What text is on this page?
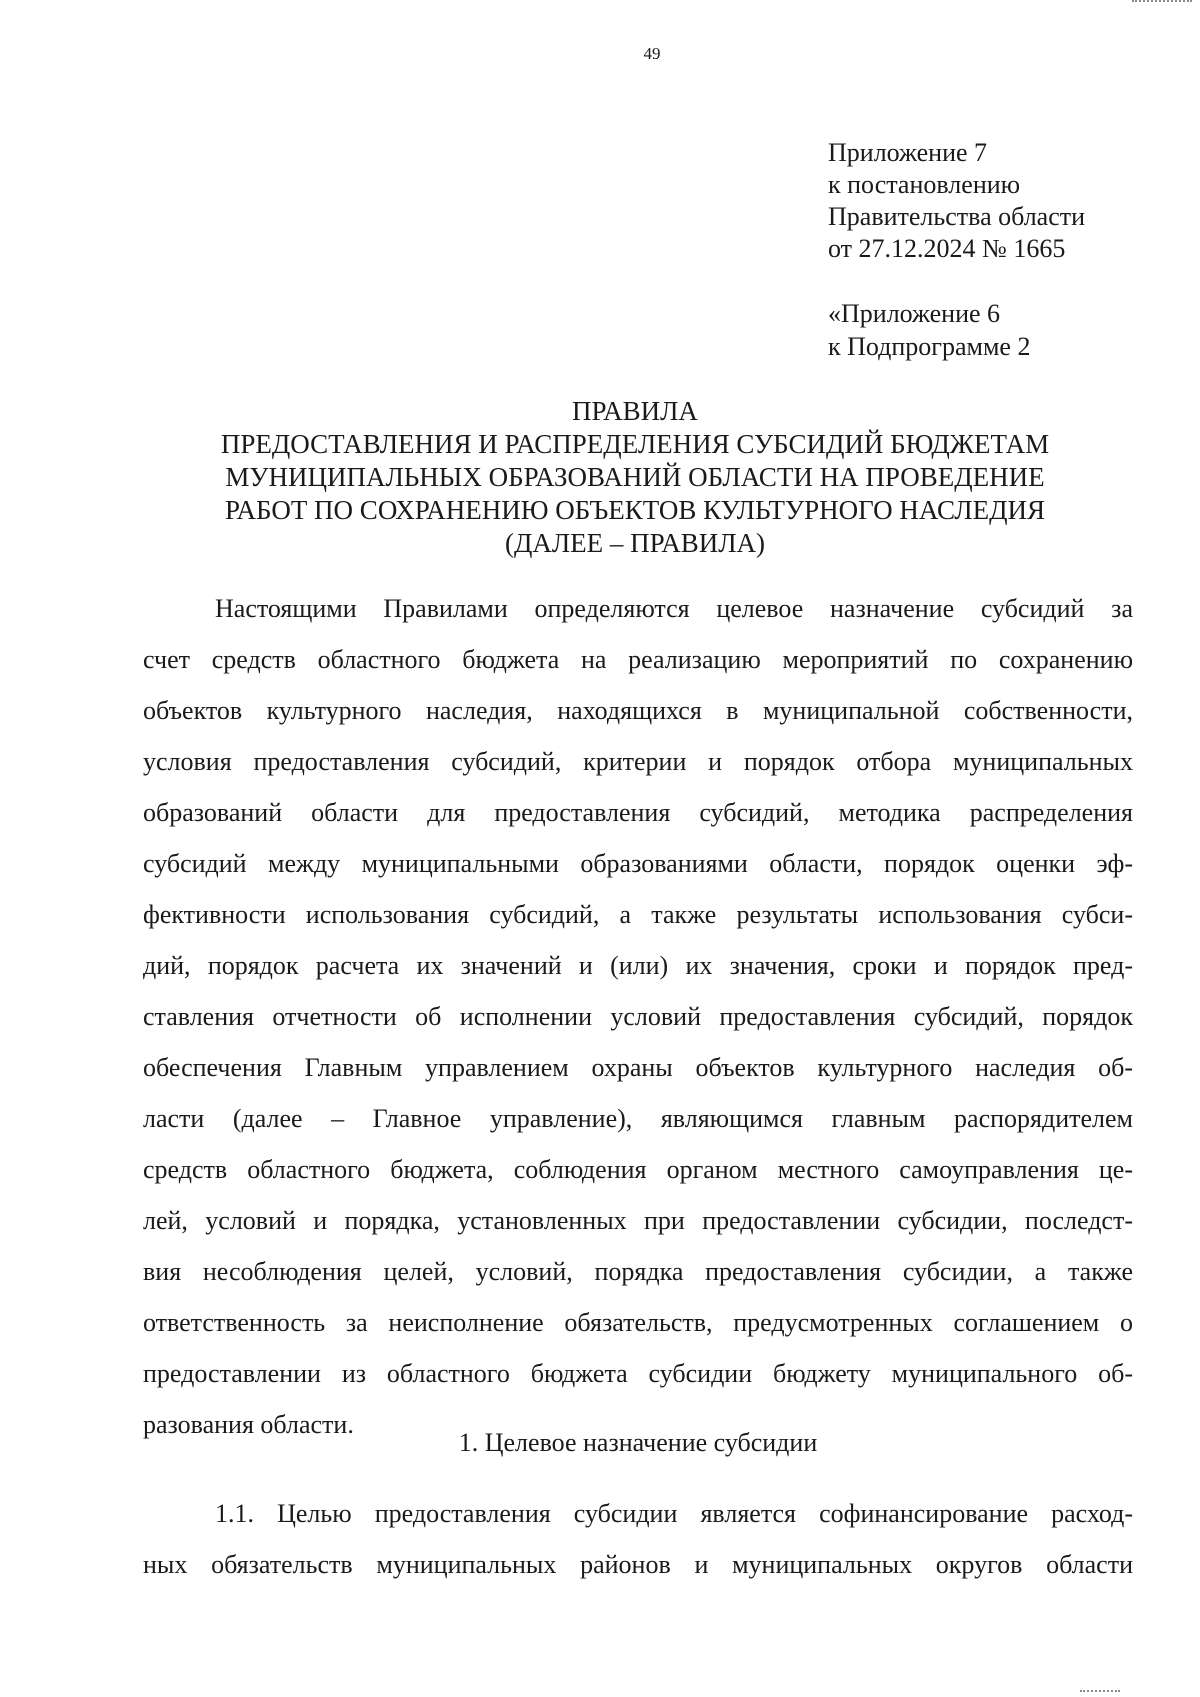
49
Приложение 7
к постановлению
Правительства области
от 27.12.2024 № 1665
«Приложение 6
к Подпрограмме 2
ПРАВИЛА
ПРЕДОСТАВЛЕНИЯ И РАСПРЕДЕЛЕНИЯ СУБСИДИЙ БЮДЖЕТАМ
МУНИЦИПАЛЬНЫХ ОБРАЗОВАНИЙ ОБЛАСТИ НА ПРОВЕДЕНИЕ
РАБОТ ПО СОХРАНЕНИЮ ОБЪЕКТОВ КУЛЬТУРНОГО НАСЛЕДИЯ
(ДАЛЕЕ – ПРАВИЛА)
Настоящими Правилами определяются целевое назначение субсидий за
счет средств областного бюджета на реализацию мероприятий по сохранению
объектов культурного наследия, находящихся в муниципальной собственности,
условия предоставления субсидий, критерии и порядок отбора муниципальных
образований области для предоставления субсидий, методика распределения
субсидий между муниципальными образованиями области, порядок оценки эф-
фективности использования субсидий, а также результаты использования субси-
дий, порядок расчета их значений и (или) их значения, сроки и порядок пред-
ставления отчетности об исполнении условий предоставления субсидий, порядок
обеспечения Главным управлением охраны объектов культурного наследия об-
ласти (далее – Главное управление), являющимся главным распорядителем
средств областного бюджета, соблюдения органом местного самоуправления це-
лей, условий и порядка, установленных при предоставлении субсидии, последст-
вия несоблюдения целей, условий, порядка предоставления субсидии, а также
ответственность за неисполнение обязательств, предусмотренных соглашением о
предоставлении из областного бюджета субсидии бюджету муниципального об-
разования области.
1. Целевое назначение субсидии
1.1. Целью предоставления субсидии является софинансирование расход-
ных обязательств муниципальных районов и муниципальных округов области
